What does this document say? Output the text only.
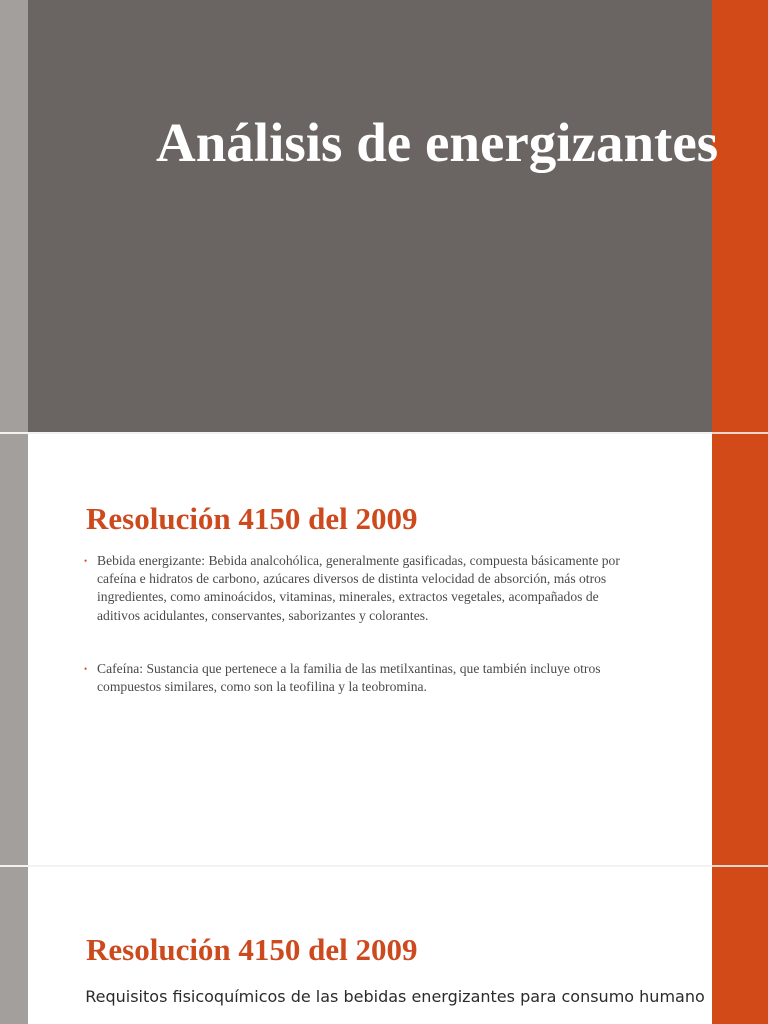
Análisis de energizantes
Resolución 4150 del 2009
• Bebida energizante: Bebida analcohólica, generalmente gasificadas, compuesta básicamente por cafeína e hidratos de carbono, azúcares diversos de distinta velocidad de absorción, más otros ingredientes, como aminoácidos, vitaminas, minerales, extractos vegetales, acompañados de aditivos acidulantes, conservantes, saborizantes y colorantes.
• Cafeína: Sustancia que pertenece a la familia de las metilxantinas, que también incluye otros compuestos similares, como son la teofilina y la teobromina.
Resolución 4150 del 2009

Requisitos fisicoquímicos de las bebidas energizantes para consumo humano
